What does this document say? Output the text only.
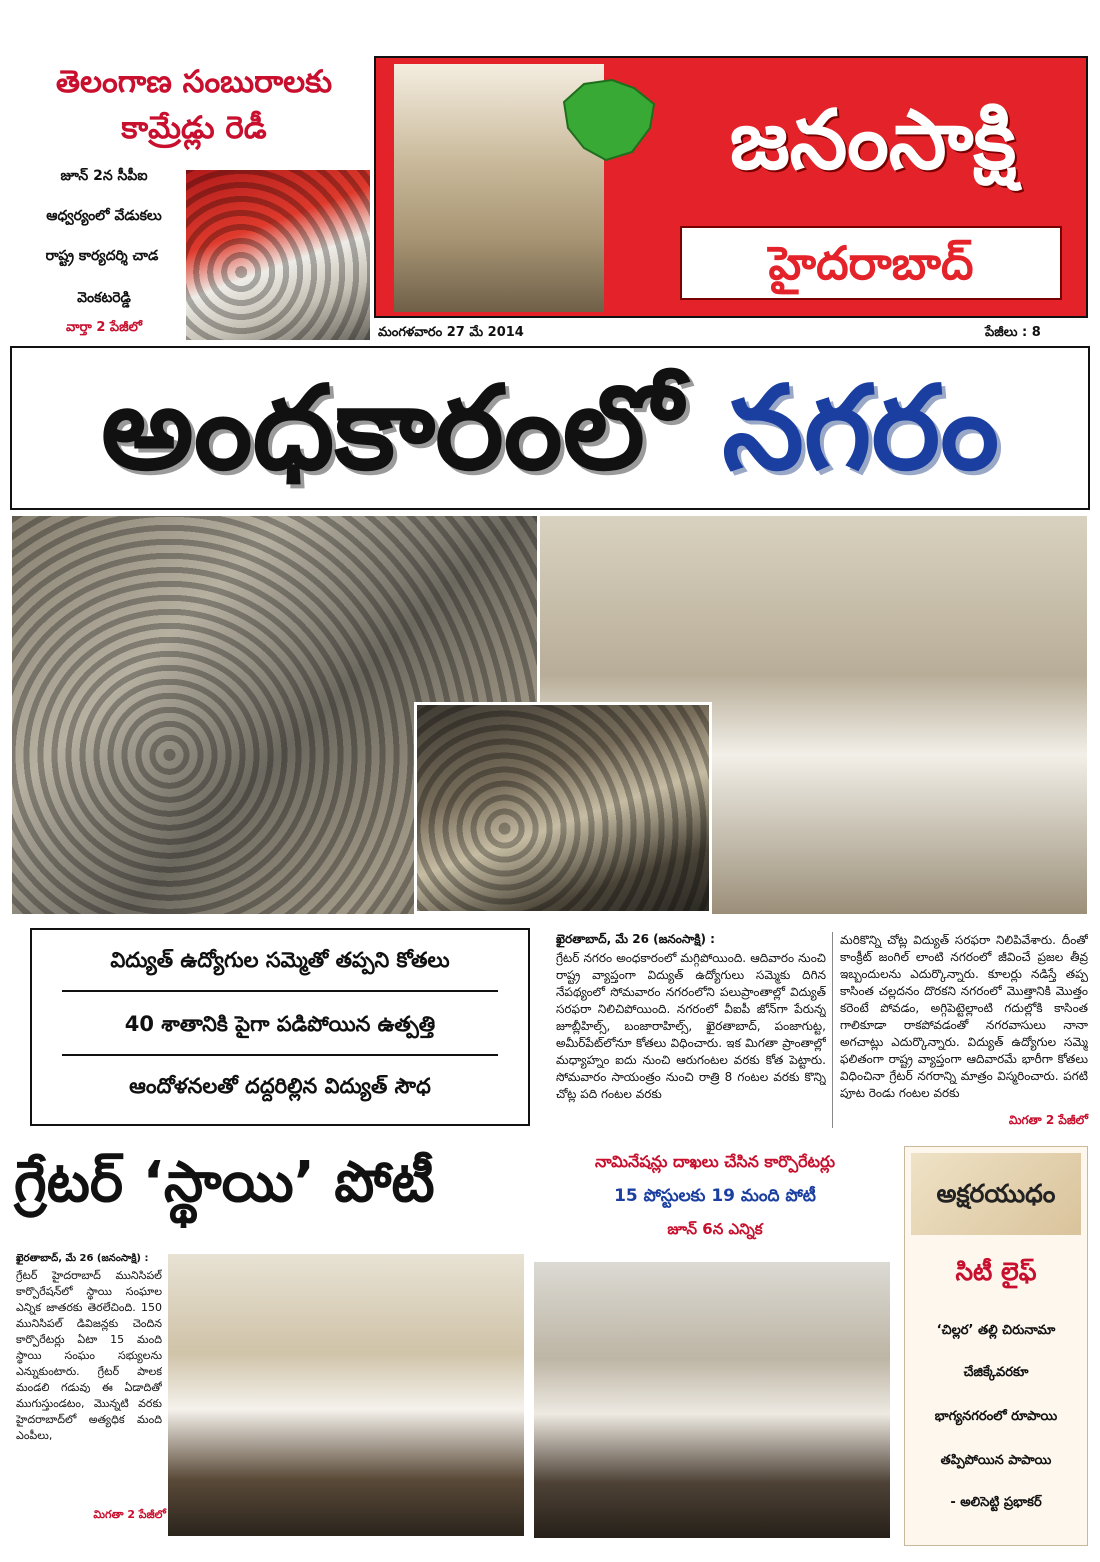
తెలంగాణ సంబురాలకు
కామ్రేడ్లు రెడీ
జూన్ 2న సీపీఐ
ఆధ్వర్యంలో వేడుకలు
రాష్ట్ర కార్యదర్శి చాడ
వెంకటరెడ్డి
వార్తా 2 పేజీలో
జనంసాక్షి
హైదరాబాద్
మంగళవారం 27 మే 2014	పేజీలు : 8
అంధకారంలో నగరం
విద్యుత్ ఉద్యోగుల సమ్మెతో తప్పని కోతలు
40 శాతానికి పైగా పడిపోయిన ఉత్పత్తి
ఆందోళనలతో దద్దరిల్లిన విద్యుత్ సౌధ
ఖైరతాబాద్, మే 26 (జనంసాక్షి) :
గ్రేటర్ నగరం అంధకారంలో మగ్గిపోయింది. ఆదివారం నుంచి రాష్ట్ర వ్యాప్తంగా విద్యుత్ ఉద్యోగులు సమ్మెకు దిగిన నేపథ్యంలో సోమవారం నగరంలోని పలుప్రాంతాల్లో విద్యుత్ సరఫరా నిలిచిపోయింది. నగరంలో వీఐపీ జోన్‌గా పేరున్న జూబ్లీహిల్స్, బంజారాహిల్స్, ఖైరతాబాద్, పంజాగుట్ట, అమీర్‌పేట్‌లోనూ కోతలు విధించారు. ఇక మిగతా ప్రాంతాల్లో మధ్యాహ్నం ఐదు నుంచి ఆరుగంటల వరకు కోత పెట్టారు. సోమవారం సాయంత్రం నుంచి రాత్రి 8 గంటల వరకు కొన్ని చోట్ల పది గంటల వరకు
మరికొన్ని చోట్ల విద్యుత్ సరఫరా నిలిపివేశారు. దీంతో కాంక్రీట్ జంగిల్ లాంటి నగరంలో జీవించే ప్రజల తీవ్ర ఇబ్బందులను ఎదుర్కొన్నారు. కూలర్లు నడిస్తే తప్ప కాసింత చల్లదనం దొరకని నగరంలో మొత్తానికి మొత్తం కరెంటే పోవడం, అగ్గిపెట్టెల్లాంటి గదుల్లోకి కాసింత గాలికూడా రాకపోవడంతో నగరవాసులు నానా అగచాట్లు ఎదుర్కొన్నారు. విద్యుత్ ఉద్యోగుల సమ్మె ఫలితంగా రాష్ట్ర వ్యాప్తంగా ఆదివారమే భారీగా కోతలు విధించినా గ్రేటర్ నగరాన్ని మాత్రం విస్మరించారు. పగటి పూట రెండు గంటల వరకు
మిగతా 2 పేజీలో
గ్రేటర్ ‘స్థాయి’ పోటీ	నామినేషన్లు దాఖలు చేసిన కార్పొరేటర్లు
15 పోస్టులకు 19 మంది పోటీ
జూన్ 6న ఎన్నిక
ఖైరతాబాద్, మే 26 (జనంసాక్షి) :
గ్రేటర్ హైదరాబాద్ మునిసిపల్ కార్పొరేషన్‌లో స్థాయి సంఘాల ఎన్నిక జాతరకు తెరలేచింది. 150 మునిసిపల్ డివిజన్లకు చెందిన కార్పొరేటర్లు ఏటా 15 మంది స్థాయి సంఘం సభ్యులను ఎన్నుకుంటారు. గ్రేటర్ పాలక మండలి గడువు ఈ ఏడాదితో ముగుస్తుండటం, మొన్నటి వరకు హైదరాబాద్‌లో అత్యధిక మంది ఎంపీలు,
మిగతా 2 పేజీలో
అక్షరయుధం
సిటీ లైఫ్
‘చిల్లర’ తల్లి చిరునామా
చేజిక్కేవరకూ
భాగ్యనగరంలో రూపాయి
తప్పిపోయిన పాపాయి
- అలిసెట్టి ప్రభాకర్
